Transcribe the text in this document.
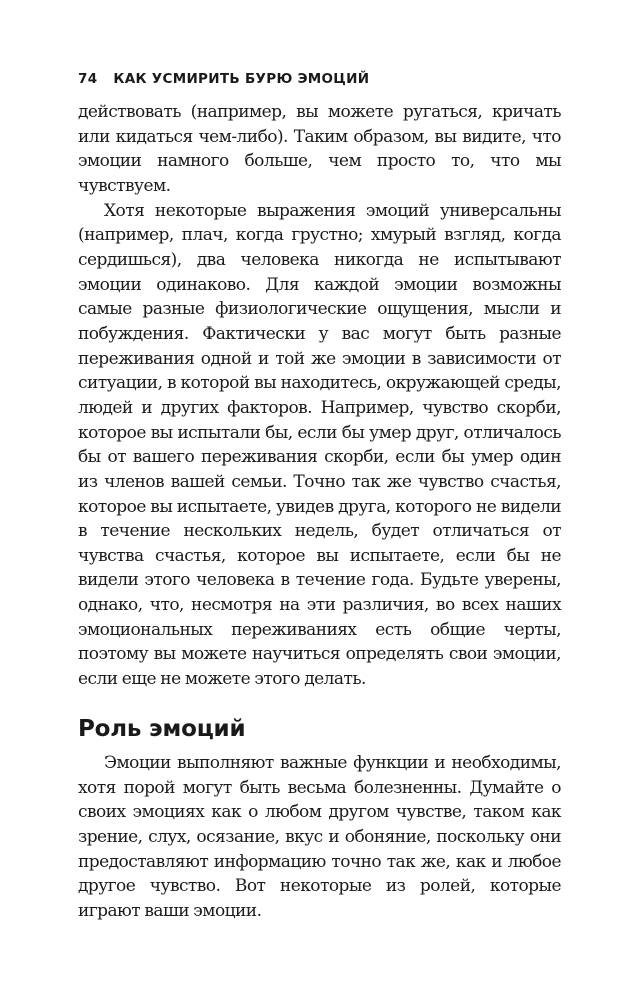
74 КАК УСМИРИТЬ БУРЮ ЭМОЦИЙ

действовать (например, вы можете ругаться, кричать или кидаться чем-либо). Таким образом, вы видите, что эмоции намного больше, чем просто то, что мы чувствуем.

Хотя некоторые выражения эмоций универсальны (например, плач, когда грустно; хмурый взгляд, когда сердишься), два человека никогда не испытывают эмоции одинаково. Для каждой эмоции возможны самые разные физиологические ощущения, мысли и побуждения. Фактически у вас могут быть разные переживания одной и той же эмоции в зависимости от ситуации, в которой вы находитесь, окружающей среды, людей и других факторов. Например, чувство скорби, которое вы испытали бы, если бы умер друг, отличалось бы от вашего переживания скорби, если бы умер один из членов вашей семьи. Точно так же чувство счастья, которое вы испытаете, увидев друга, которого не видели в течение нескольких недель, будет отличаться от чувства счастья, которое вы испытаете, если бы не видели этого человека в течение года. Будьте уверены, однако, что, несмотря на эти различия, во всех наших эмоциональных переживаниях есть общие черты, поэтому вы можете научиться определять свои эмоции, если еще не можете этого делать.

Роль эмоций

Эмоции выполняют важные функции и необходимы, хотя порой могут быть весьма болезненны. Думайте о своих эмоциях как о любом другом чувстве, таком как зрение, слух, осязание, вкус и обоняние, поскольку они предоставляют информацию точно так же, как и любое другое чувство. Вот некоторые из ролей, которые играют ваши эмоции.
